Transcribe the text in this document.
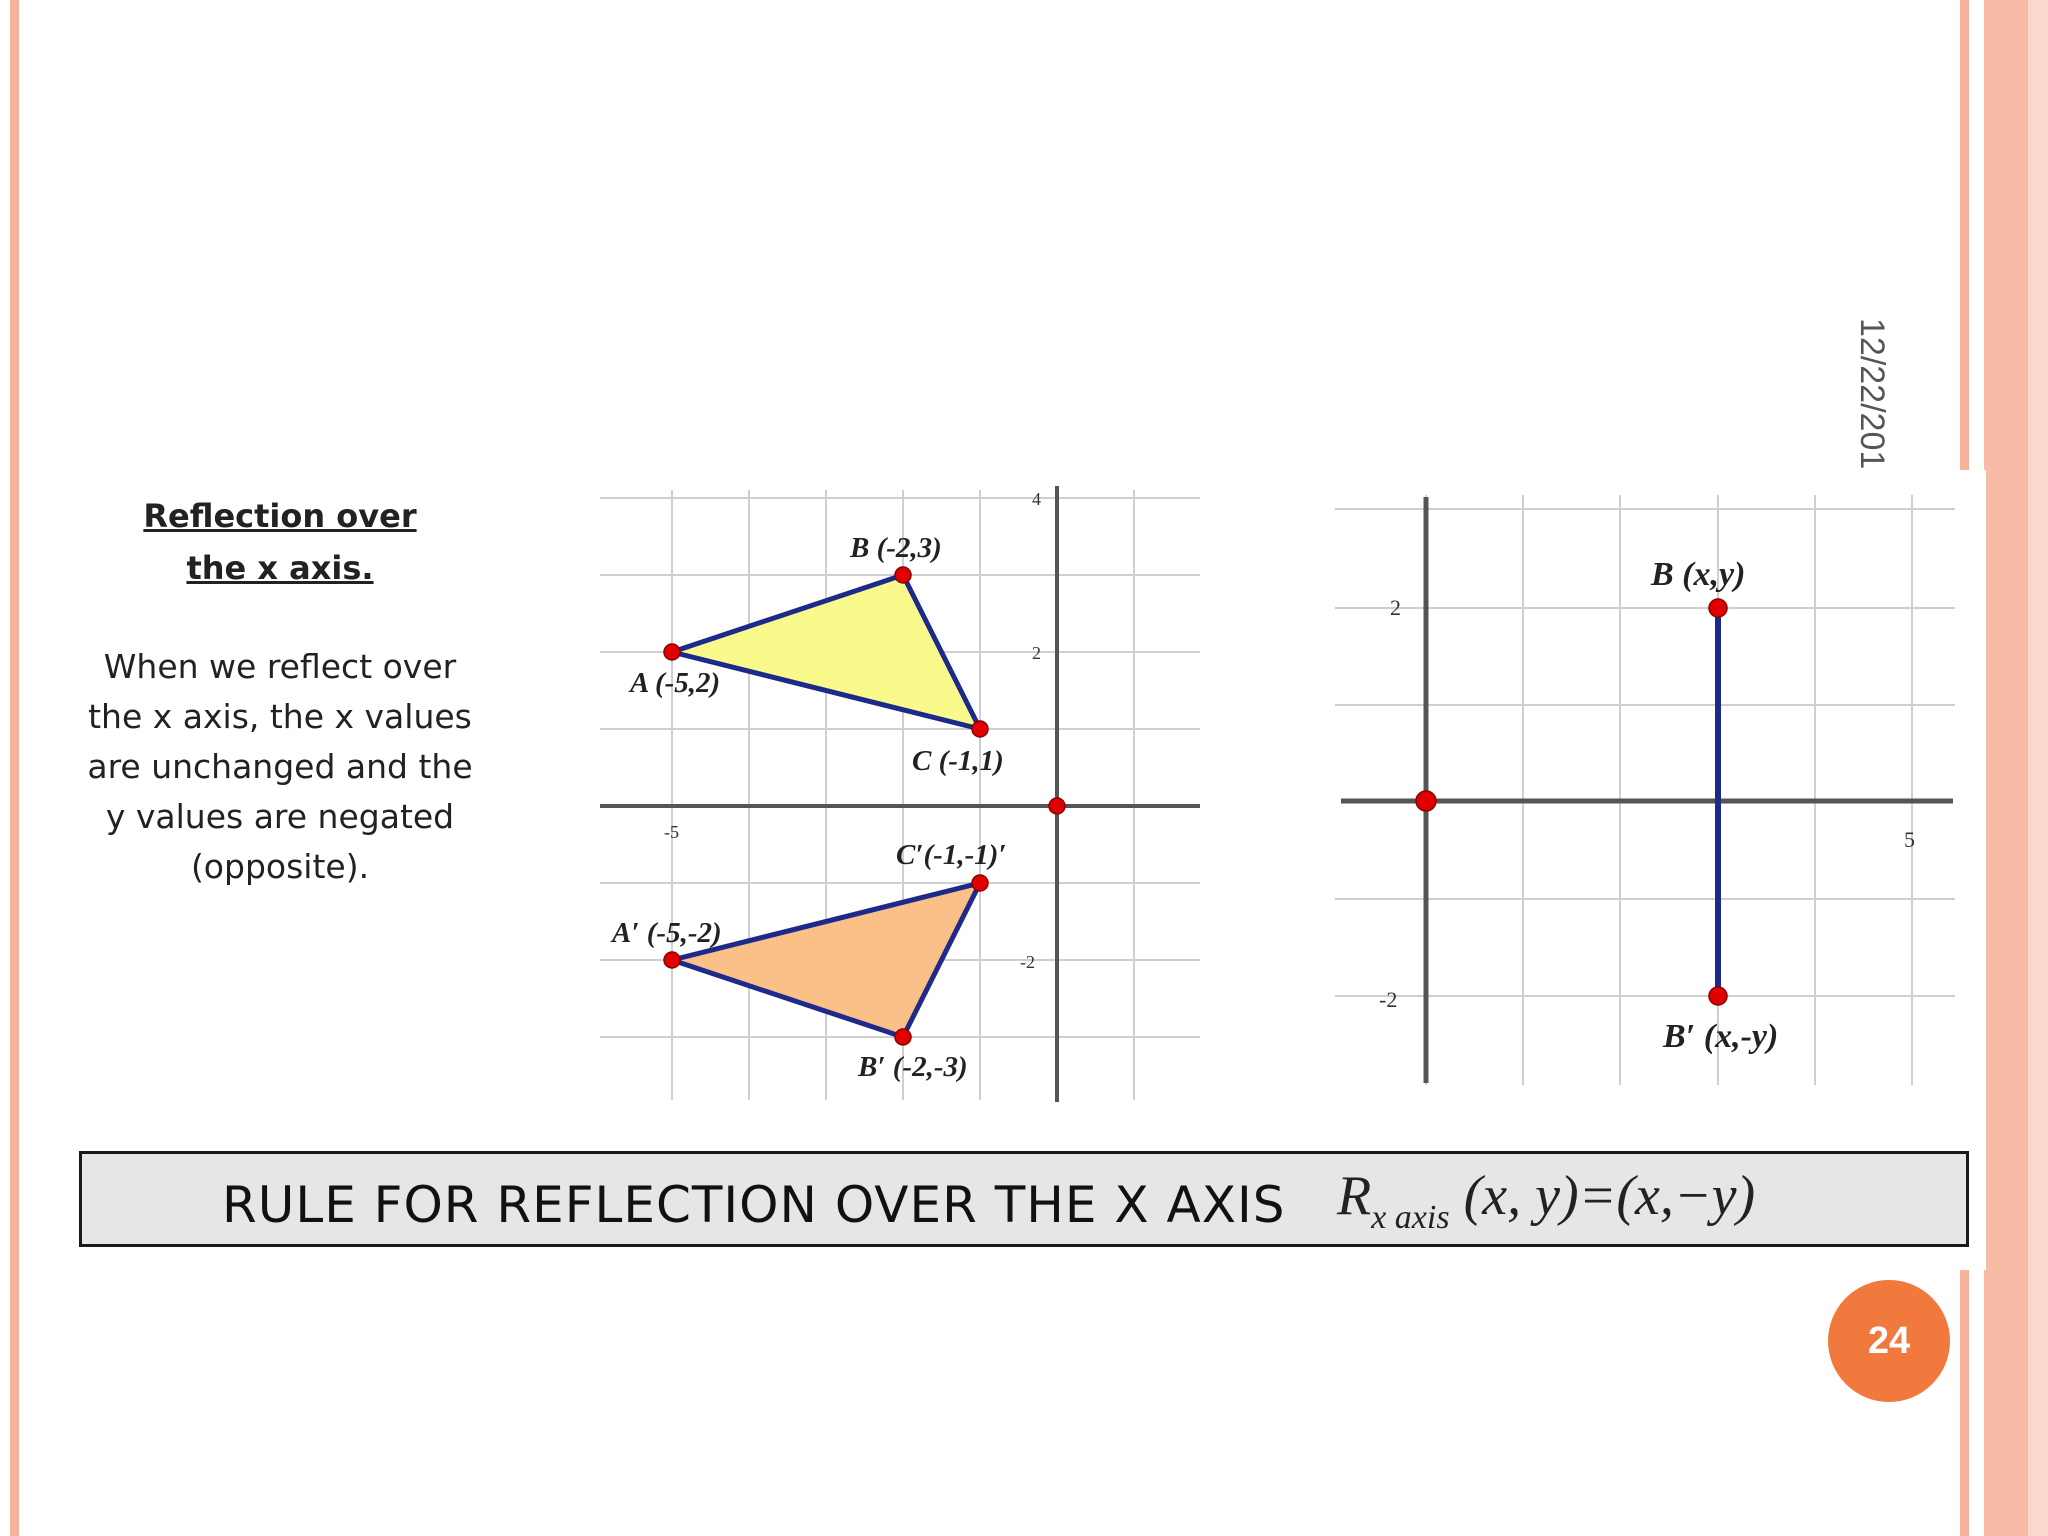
12/22/201
Reflection over
the x axis.
When we reflect over the x axis, the x values are unchanged and the y values are negated (opposite).
4
2
-5
-2
B (-2,3)
A (-5,2)
C (-1,1)
C′(-1,-1)′
A′ (-5,-2)
B′ (-2,-3)
2
5
-2
B (x,y)
B′ (x,-y)
RULE FOR REFLECTION OVER THE X AXIS $R_{x axis}$ (x, y)=(x,−y)
24
